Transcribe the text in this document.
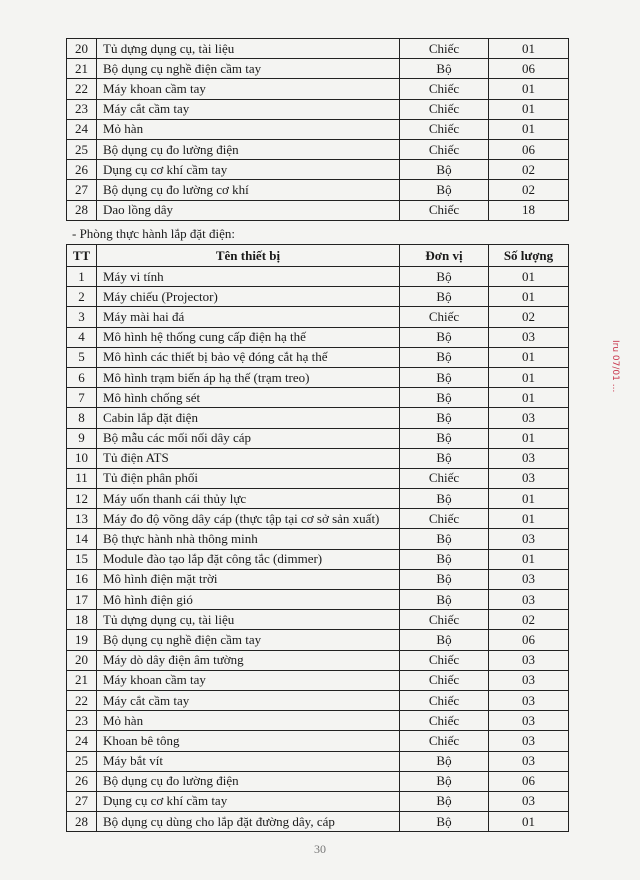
20	Tủ dựng dụng cụ, tài liệu	Chiếc	01
21	Bộ dụng cụ nghề điện cầm tay	Bộ	06
22	Máy khoan cầm tay	Chiếc	01
23	Máy cắt cầm tay	Chiếc	01
24	Mỏ hàn	Chiếc	01
25	Bộ dụng cụ đo lường điện	Chiếc	06
26	Dụng cụ cơ khí cầm tay	Bộ	02
27	Bộ dụng cụ đo lường cơ khí	Bộ	02
28	Dao lồng dây	Chiếc	18
- Phòng thực hành lắp đặt điện:
TT	Tên thiết bị	Đơn vị	Số lượng
1	Máy vi tính	Bộ	01
2	Máy chiếu (Projector)	Bộ	01
3	Máy mài hai đá	Chiếc	02
4	Mô hình hệ thống cung cấp điện hạ thế	Bộ	03
5	Mô hình các thiết bị bảo vệ đóng cắt hạ thế	Bộ	01
6	Mô hình trạm biến áp hạ thế (trạm treo)	Bộ	01
7	Mô hình chống sét	Bộ	01
8	Cabin lắp đặt điện	Bộ	03
9	Bộ mẫu các mối nối dây cáp	Bộ	01
10	Tủ điện ATS	Bộ	03
11	Tủ điện phân phối	Chiếc	03
12	Máy uốn thanh cái thủy lực	Bộ	01
13	Máy đo độ võng dây cáp (thực tập tại cơ sở sản xuất)	Chiếc	01
14	Bộ thực hành nhà thông minh	Bộ	03
15	Module đào tạo lắp đặt công tắc (dimmer)	Bộ	01
16	Mô hình điện mặt trời	Bộ	03
17	Mô hình điện gió	Bộ	03
18	Tủ dựng dụng cụ, tài liệu	Chiếc	02
19	Bộ dụng cụ nghề điện cầm tay	Bộ	06
20	Máy dò dây điện âm tường	Chiếc	03
21	Máy khoan cầm tay	Chiếc	03
22	Máy cắt cầm tay	Chiếc	03
23	Mỏ hàn	Chiếc	03
24	Khoan bê tông	Chiếc	03
25	Máy bắt vít	Bộ	03
26	Bộ dụng cụ đo lường điện	Bộ	06
27	Dụng cụ cơ khí cầm tay	Bộ	03
28	Bộ dụng cụ dùng cho lắp đặt đường dây, cáp	Bộ	01
Iru 07/01 ...
30
